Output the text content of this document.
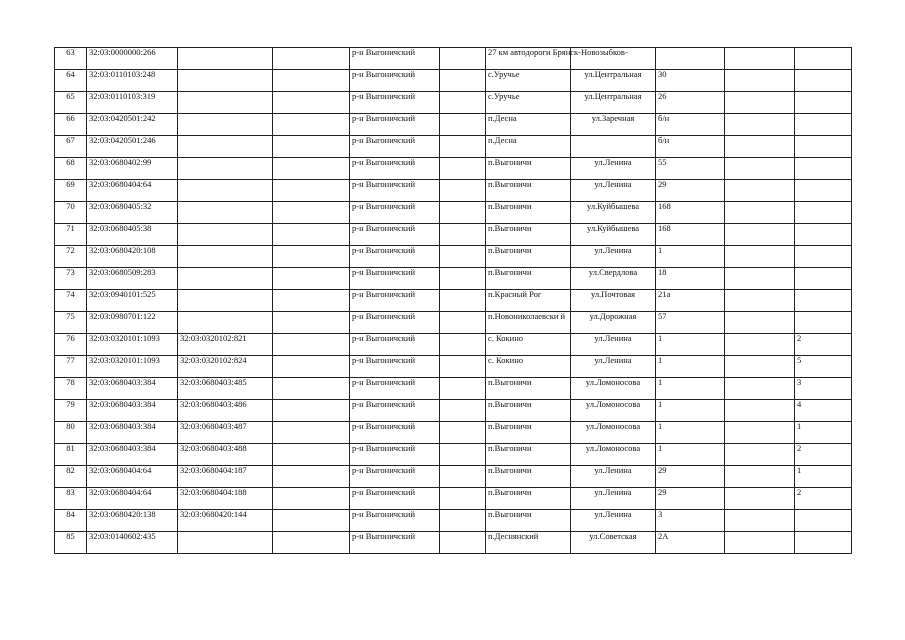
63	32:03:0000000:266			р-н Выгоничский		27 км автодороги Брянск-Новозыбков-				
64	32:03:0110103:248			р-н Выгоничский		с.Уручье	ул.Центральная	30		
65	32:03:0110103:319			р-н Выгоничский		с.Уручье	ул.Центральная	26		
66	32:03:0420501:242			р-н Выгоничский		п.Десна	ул.Заречная	б/н		
67	32:03:0420501:246			р-н Выгоничский		п.Десна		б/н		
68	32:03:0680402:99			р-н Выгоничский		п.Выгоничи	ул.Ленина	55		
69	32:03:0680404:64			р-н Выгоничский		п.Выгоничи	ул.Ленина	29		
70	32:03:0680405:32			р-н Выгоничский		п.Выгоничи	ул.Куйбышева	168		
71	32:03:0680405:38			р-н Выгоничский		п.Выгоничи	ул.Куйбышева	168		
72	32:03:0680420:108			р-н Выгоничский		п.Выгоничи	ул.Ленина	1		
73	32:03:0680509:283			р-н Выгоничский		п.Выгоничи	ул.Свердлова	18		
74	32:03:0940101:525			р-н Выгоничский		п.Красный Рог	ул.Почтовая	21а		
75	32:03:0980701:122			р-н Выгоничский		п.Новониколаевски й	ул.Дорожная	57		
76	32:03:0320101:1093	32:03:0320102:821		р-н Выгоничский		с. Кокино	ул.Ленина	1		2
77	32:03:0320101:1093	32:03:0320102:824		р-н Выгоничский		с. Кокино	ул.Ленина	1		5
78	32:03:0680403:384	32:03:0680403:485		р-н Выгоничский		п.Выгоничи	ул.Ломоносова	1		3
79	32:03:0680403:384	32:03:0680403:486		р-н Выгоничский		п.Выгоничи	ул.Ломоносова	1		4
80	32:03:0680403:384	32:03:0680403:487		р-н Выгоничский		п.Выгоничи	ул.Ломоносова	1		1
81	32:03:0680403:384	32:03:0680403:488		р-н Выгоничский		п.Выгоничи	ул.Ломоносова	1		2
82	32:03:0680404:64	32:03:0680404:187		р-н Выгоничский		п.Выгоничи	ул.Ленина	29		1
83	32:03:0680404:64	32:03:0680404:188		р-н Выгоничский		п.Выгоничи	ул.Ленина	29		2
84	32:03:0680420:138	32:03:0680420:144		р-н Выгоничский		п.Выгоничи	ул.Ленина	3		
85	32:03:0140602:435			р-н Выгоничский		п.Деснянский	ул.Советская	2А		
